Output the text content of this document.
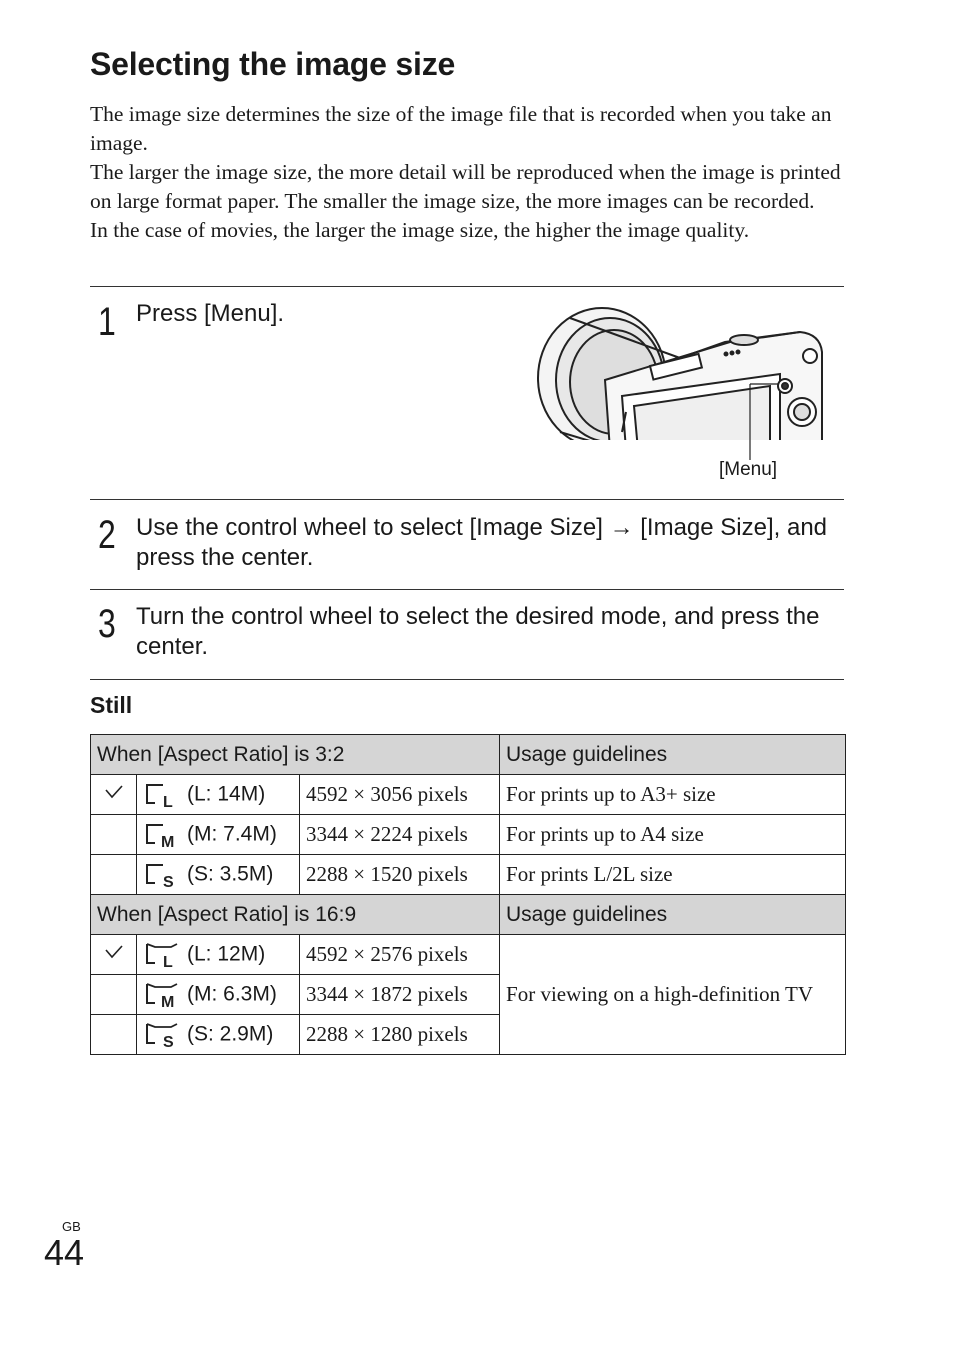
Selecting the image size

The image size determines the size of the image file that is recorded when you take an image.

The larger the image size, the more detail will be reproduced when the image is printed on large format paper. The smaller the image size, the more images can be recorded.

In the case of movies, the larger the image size, the higher the image quality.

1 Press [Menu].
[Menu]
2 Use the control wheel to select [Image Size] → [Image Size], and press the center.
3 Turn the control wheel to select the desired mode, and press the center.
Still
When [Aspect Ratio] is 3:2			Usage guidelines

L (L: 14M)	4592 × 3056 pixels	For prints up to A3+ size

M (M: 7.4M)	3344 × 2224 pixels	For prints up to A4 size

S (S: 3.5M)	2288 × 1520 pixels	For prints L/2L size
When [Aspect Ratio] is 16:9			Usage guidelines

L (L: 12M)	4592 × 2576 pixels	For viewing on a high-definition TV

M (M: 6.3M)	3344 × 1872 pixels	

S (S: 2.9M)	2288 × 1280 pixels	
GB
44
